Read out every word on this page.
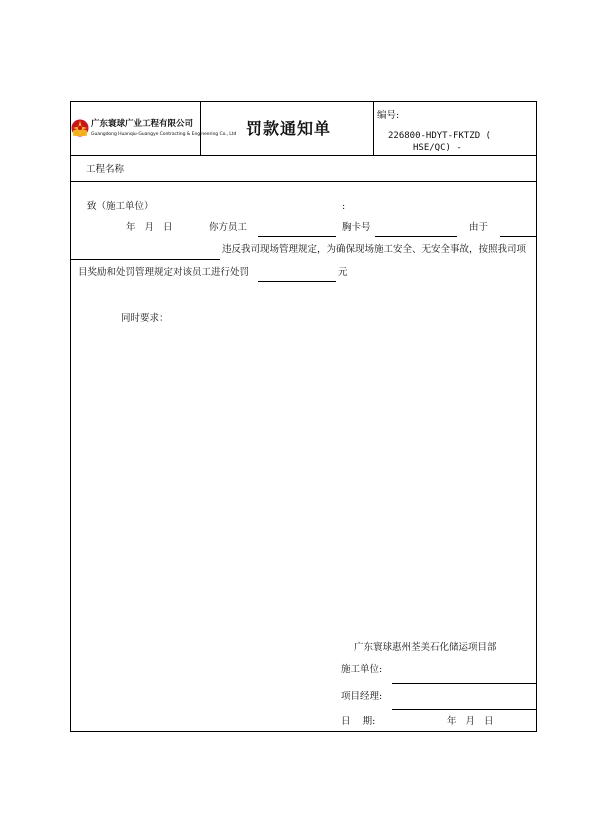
广东寰球广业工程有限公司
Guangdong Huanqiu-Guangye Contracting & Engineering Co., Ltd 罚款通知单
编号:
226800-HDYT-FKTZD (
HSE/QC) -
工程名称
致（施工单位）	:
年 月 日	你方员工	胸卡号	由于
违反我司现场管理规定，为确保现场施工安全、无安全事故，按照我司项
目奖励和处罚管理规定对该员工进行处罚	元
同时要求：
广东寰球惠州荃美石化储运项目部
施工单位:
项目经理:
日    期:	年 月 日
